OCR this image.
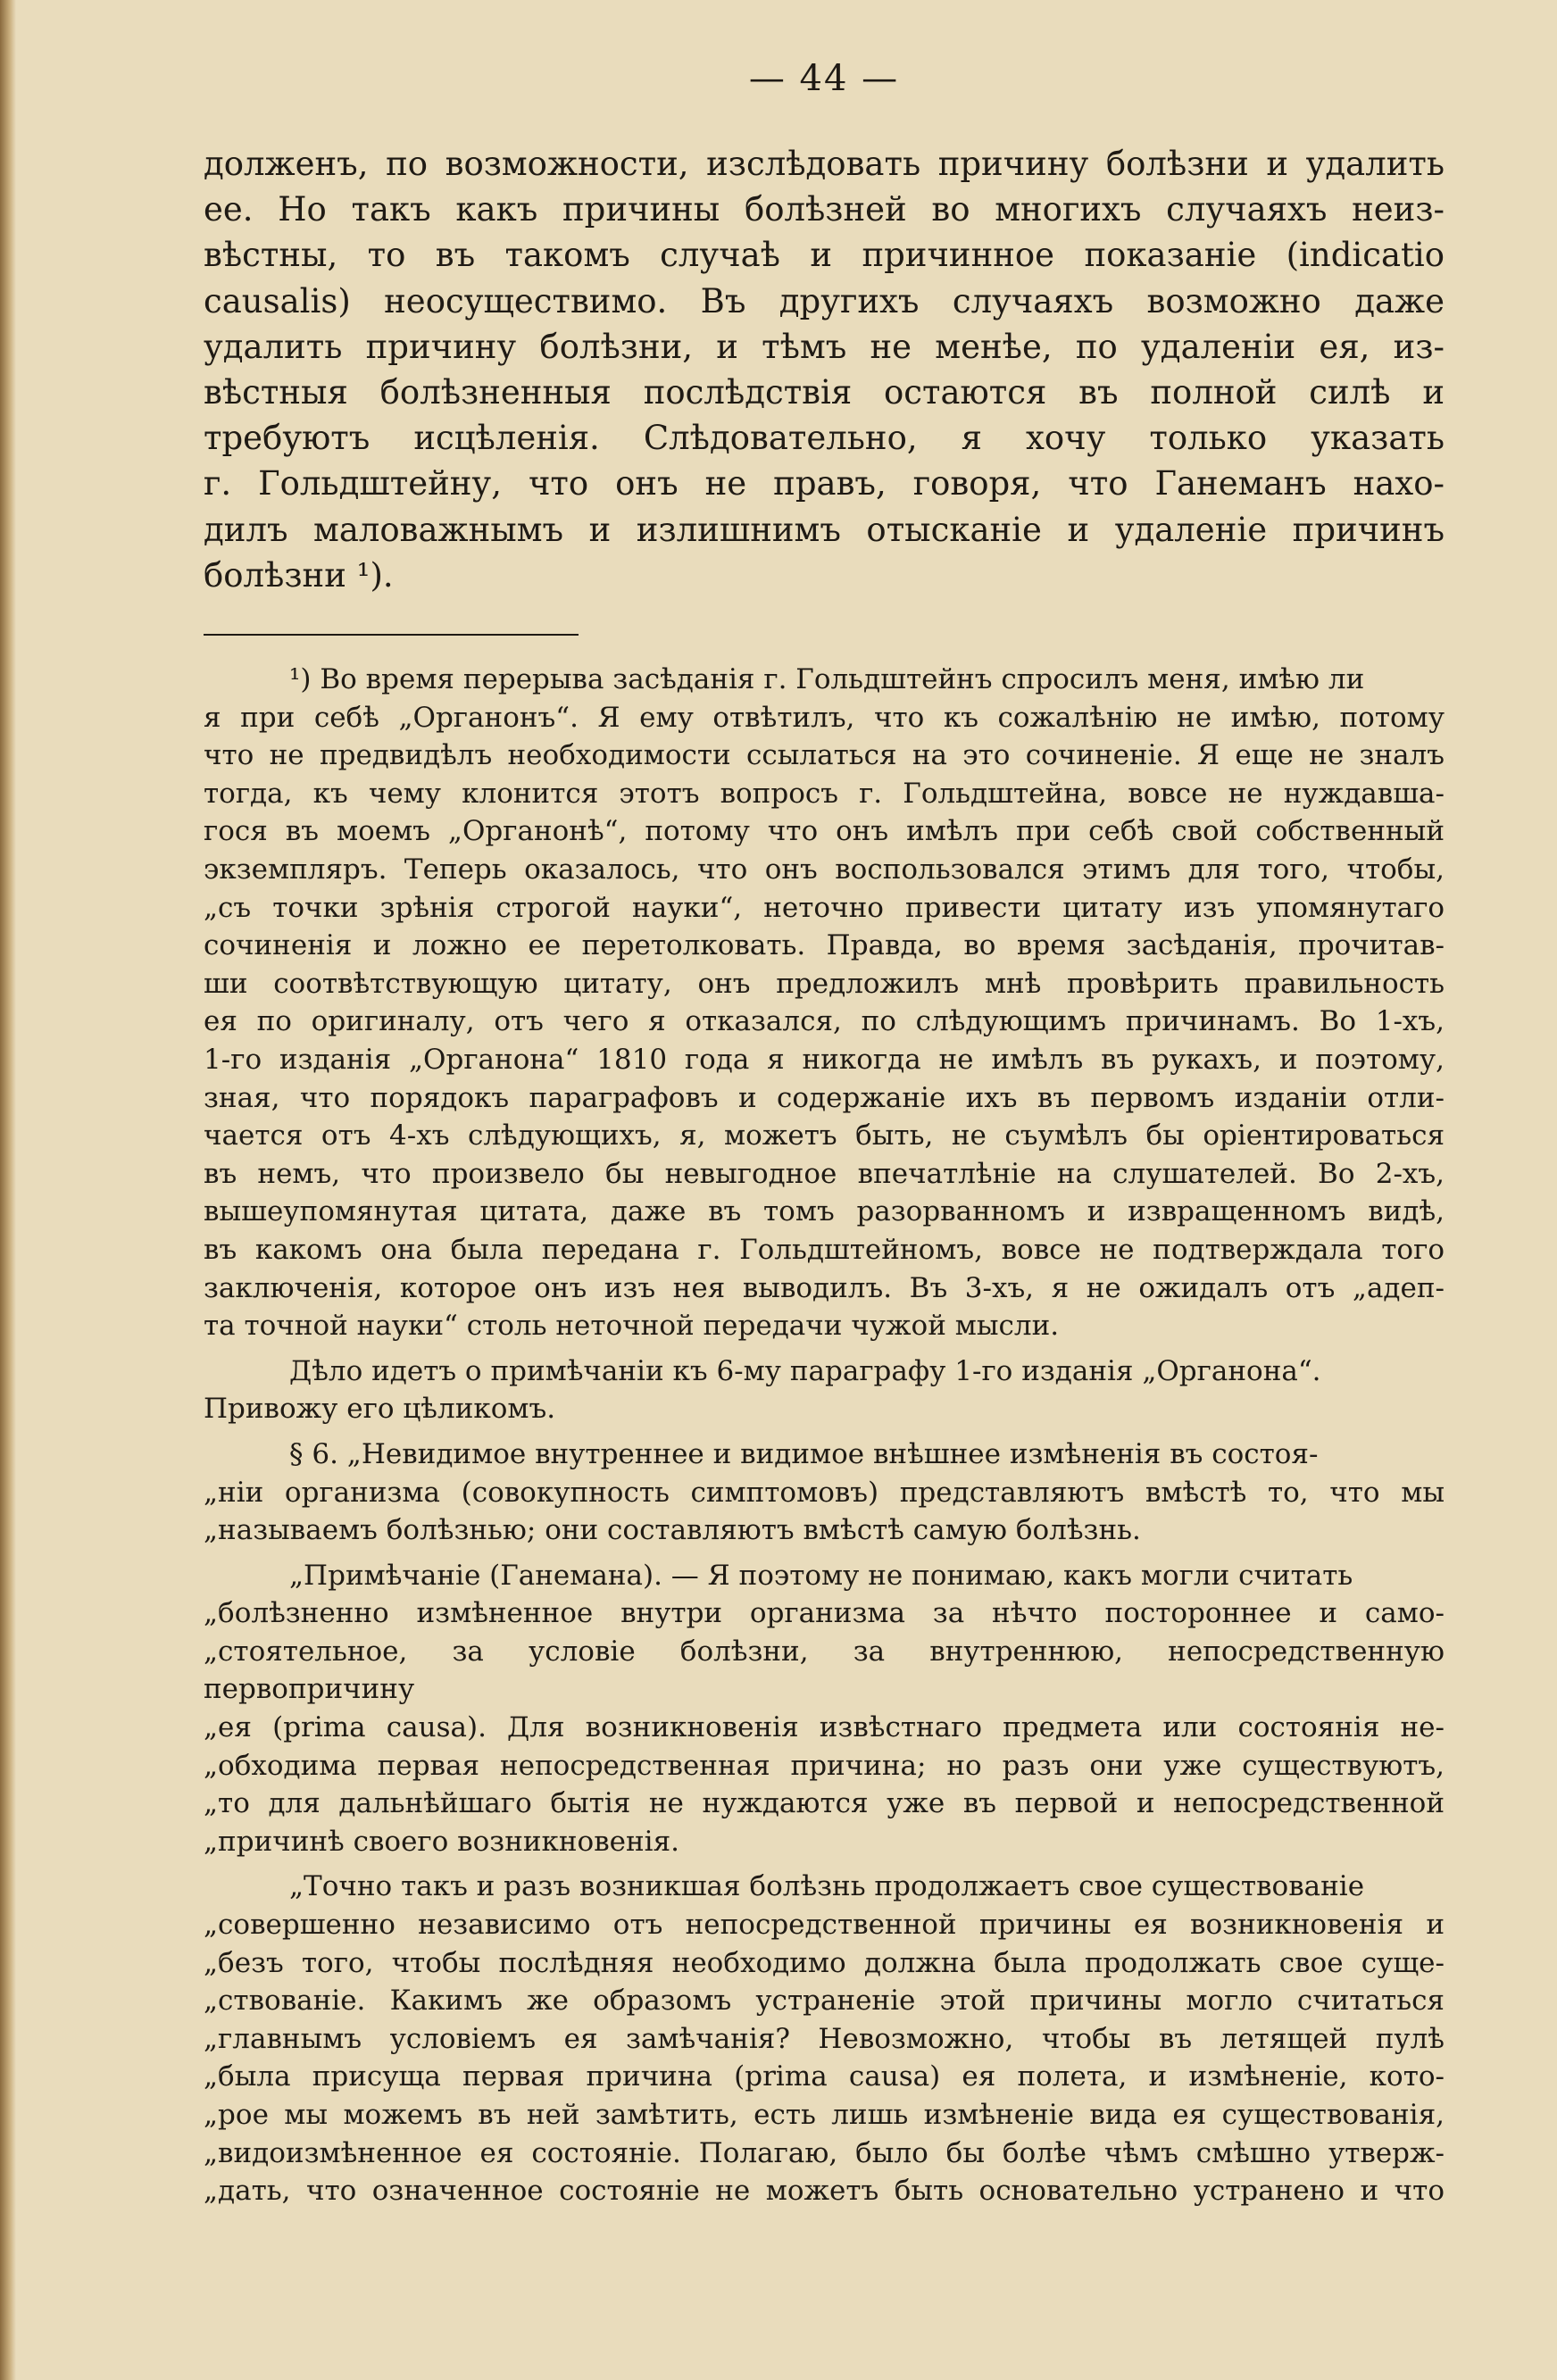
— 44 —

долженъ, по возможности, изслѣдовать причину болѣзни и удалить

ее. Но такъ какъ причины болѣзней во многихъ случаяхъ неиз-

вѣстны, то въ такомъ случаѣ и причинное показаніе (indicatio

causalis) неосуществимо. Въ другихъ случаяхъ возможно даже

удалить причину болѣзни, и тѣмъ не менѣе, по удаленіи ея, из-

вѣстныя болѣзненныя послѣдствія остаются въ полной силѣ и

требуютъ исцѣленія. Слѣдовательно, я хочу только указать

г. Гольдштейну, что онъ не правъ, говоря, что Ганеманъ нахо-

дилъ маловажнымъ и излишнимъ отысканіе и удаленіе причинъ

болѣзни ¹).

¹) Во время перерыва засѣданія г. Гольдштейнъ спросилъ меня, имѣю ли
я при себѣ „Органонъ“. Я ему отвѣтилъ, что къ сожалѣнію не имѣю, потому
что не предвидѣлъ необходимости ссылаться на это сочиненіе. Я еще не зналъ
тогда, къ чему клонится этотъ вопросъ г. Гольдштейна, вовсе не нуждавша-
гося въ моемъ „Органонѣ“, потому что онъ имѣлъ при себѣ свой собственный
экземпляръ. Теперь оказалось, что онъ воспользовался этимъ для того, чтобы,
„съ точки зрѣнія строгой науки“, неточно привести цитату изъ упомянутаго
сочиненія и ложно ее перетолковать. Правда, во время засѣданія, прочитав-
ши соотвѣтствующую цитату, онъ предложилъ мнѣ провѣрить правильность
ея по оригиналу, отъ чего я отказался, по слѣдующимъ причинамъ. Во 1-хъ,
1-го изданія „Органона“ 1810 года я никогда не имѣлъ въ рукахъ, и поэтому,
зная, что порядокъ параграфовъ и содержаніе ихъ въ первомъ изданіи отли-
чается отъ 4-хъ слѣдующихъ, я, можетъ быть, не съумѣлъ бы оріентироваться
въ немъ, что произвело бы невыгодное впечатлѣніе на слушателей. Во 2-хъ,
вышеупомянутая цитата, даже въ томъ разорванномъ и извращенномъ видѣ,
въ какомъ она была передана г. Гольдштейномъ, вовсе не подтверждала того
заключенія, которое онъ изъ нея выводилъ. Въ 3-хъ, я не ожидалъ отъ „адеп-
та точной науки“ столь неточной передачи чужой мысли.

Дѣло идетъ о примѣчаніи къ 6-му параграфу 1-го изданія „Органона“.
Привожу его цѣликомъ.

§ 6. „Невидимое внутреннее и видимое внѣшнее измѣненія въ состоя-
„ніи организма (совокупность симптомовъ) представляютъ вмѣстѣ то, что мы
„называемъ болѣзнью; они составляютъ вмѣстѣ самую болѣзнь.

„Примѣчаніе (Ганемана). — Я поэтому не понимаю, какъ могли считать
„болѣзненно измѣненное внутри организма за нѣчто постороннее и само-
„стоятельное, за условіе болѣзни, за внутреннюю, непосредственную первопричину
„ея (prima causa). Для возникновенія извѣстнаго предмета или состоянія не-
„обходима первая непосредственная причина; но разъ они уже существуютъ,
„то для дальнѣйшаго бытія не нуждаются уже въ первой и непосредственной
„причинѣ своего возникновенія.

„Точно такъ и разъ возникшая болѣзнь продолжаетъ свое существованіе
„совершенно независимо отъ непосредственной причины ея возникновенія и
„безъ того, чтобы послѣдняя необходимо должна была продолжать свое суще-
„ствованіе. Какимъ же образомъ устраненіе этой причины могло считаться
„главнымъ условіемъ ея замѣчанія? Невозможно, чтобы въ летящей пулѣ
„была присуща первая причина (prima causa) ея полета, и измѣненіе, кото-
„рое мы можемъ въ ней замѣтить, есть лишь измѣненіе вида ея существованія,
„видоизмѣненное ея состояніе. Полагаю, было бы болѣе чѣмъ смѣшно утверж-
„дать, что означенное состояніе не можетъ быть основательно устранено и что
